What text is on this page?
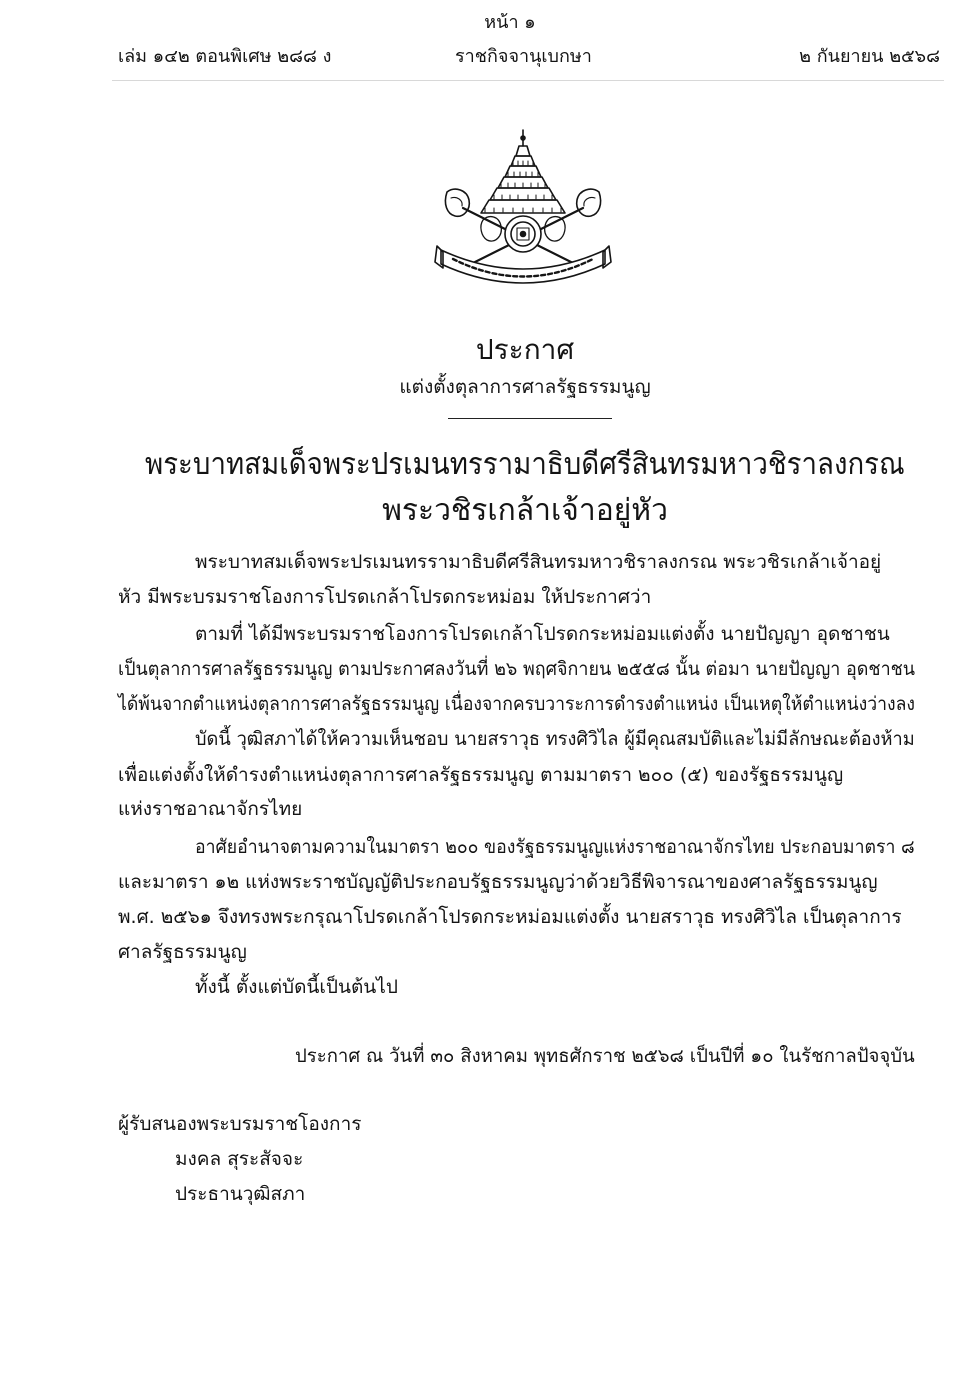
หน้า ๑
เล่ม ๑๔๒ ตอนพิเศษ ๒๘๘ ง	ราชกิจจานุเบกษา	๒ กันยายน ๒๕๖๘
ประกาศ
แต่งตั้งตุลาการศาลรัฐธรรมนูญ
พระบาทสมเด็จพระปรเมนทรรามาธิบดีศรีสินทรมหาวชิราลงกรณ
พระวชิรเกล้าเจ้าอยู่หัว
พระบาทสมเด็จพระปรเมนทรรามาธิบดีศรีสินทรมหาวชิราลงกรณ พระวชิรเกล้าเจ้าอยู่
หัว มีพระบรมราชโองการโปรดเกล้าโปรดกระหม่อม ให้ประกาศว่า
ตามที่ ได้มีพระบรมราชโองการโปรดเกล้าโปรดกระหม่อมแต่งตั้ง นายปัญญา อุดชาชน
เป็นตุลาการศาลรัฐธรรมนูญ ตามประกาศลงวันที่ ๒๖ พฤศจิกายน ๒๕๕๘ นั้น ต่อมา นายปัญญา อุดชาชน
ได้พ้นจากตำแหน่งตุลาการศาลรัฐธรรมนูญ เนื่องจากครบวาระการดำรงตำแหน่ง เป็นเหตุให้ตำแหน่งว่างลง
บัดนี้ วุฒิสภาได้ให้ความเห็นชอบ นายสราวุธ ทรงศิวิไล ผู้มีคุณสมบัติและไม่มีลักษณะต้องห้าม
เพื่อแต่งตั้งให้ดำรงตำแหน่งตุลาการศาลรัฐธรรมนูญ ตามมาตรา ๒๐๐ (๕) ของรัฐธรรมนูญ
แห่งราชอาณาจักรไทย
อาศัยอำนาจตามความในมาตรา ๒๐๐ ของรัฐธรรมนูญแห่งราชอาณาจักรไทย ประกอบมาตรา ๘
และมาตรา ๑๒ แห่งพระราชบัญญัติประกอบรัฐธรรมนูญว่าด้วยวิธีพิจารณาของศาลรัฐธรรมนูญ
พ.ศ. ๒๕๖๑ จึงทรงพระกรุณาโปรดเกล้าโปรดกระหม่อมแต่งตั้ง นายสราวุธ ทรงศิวิไล เป็นตุลาการ
ศาลรัฐธรรมนูญ
ทั้งนี้ ตั้งแต่บัดนี้เป็นต้นไป
ประกาศ ณ วันที่ ๓๐ สิงหาคม พุทธศักราช ๒๕๖๘ เป็นปีที่ ๑๐ ในรัชกาลปัจจุบัน
ผู้รับสนองพระบรมราชโองการ
มงคล สุระสัจจะ
ประธานวุฒิสภา
